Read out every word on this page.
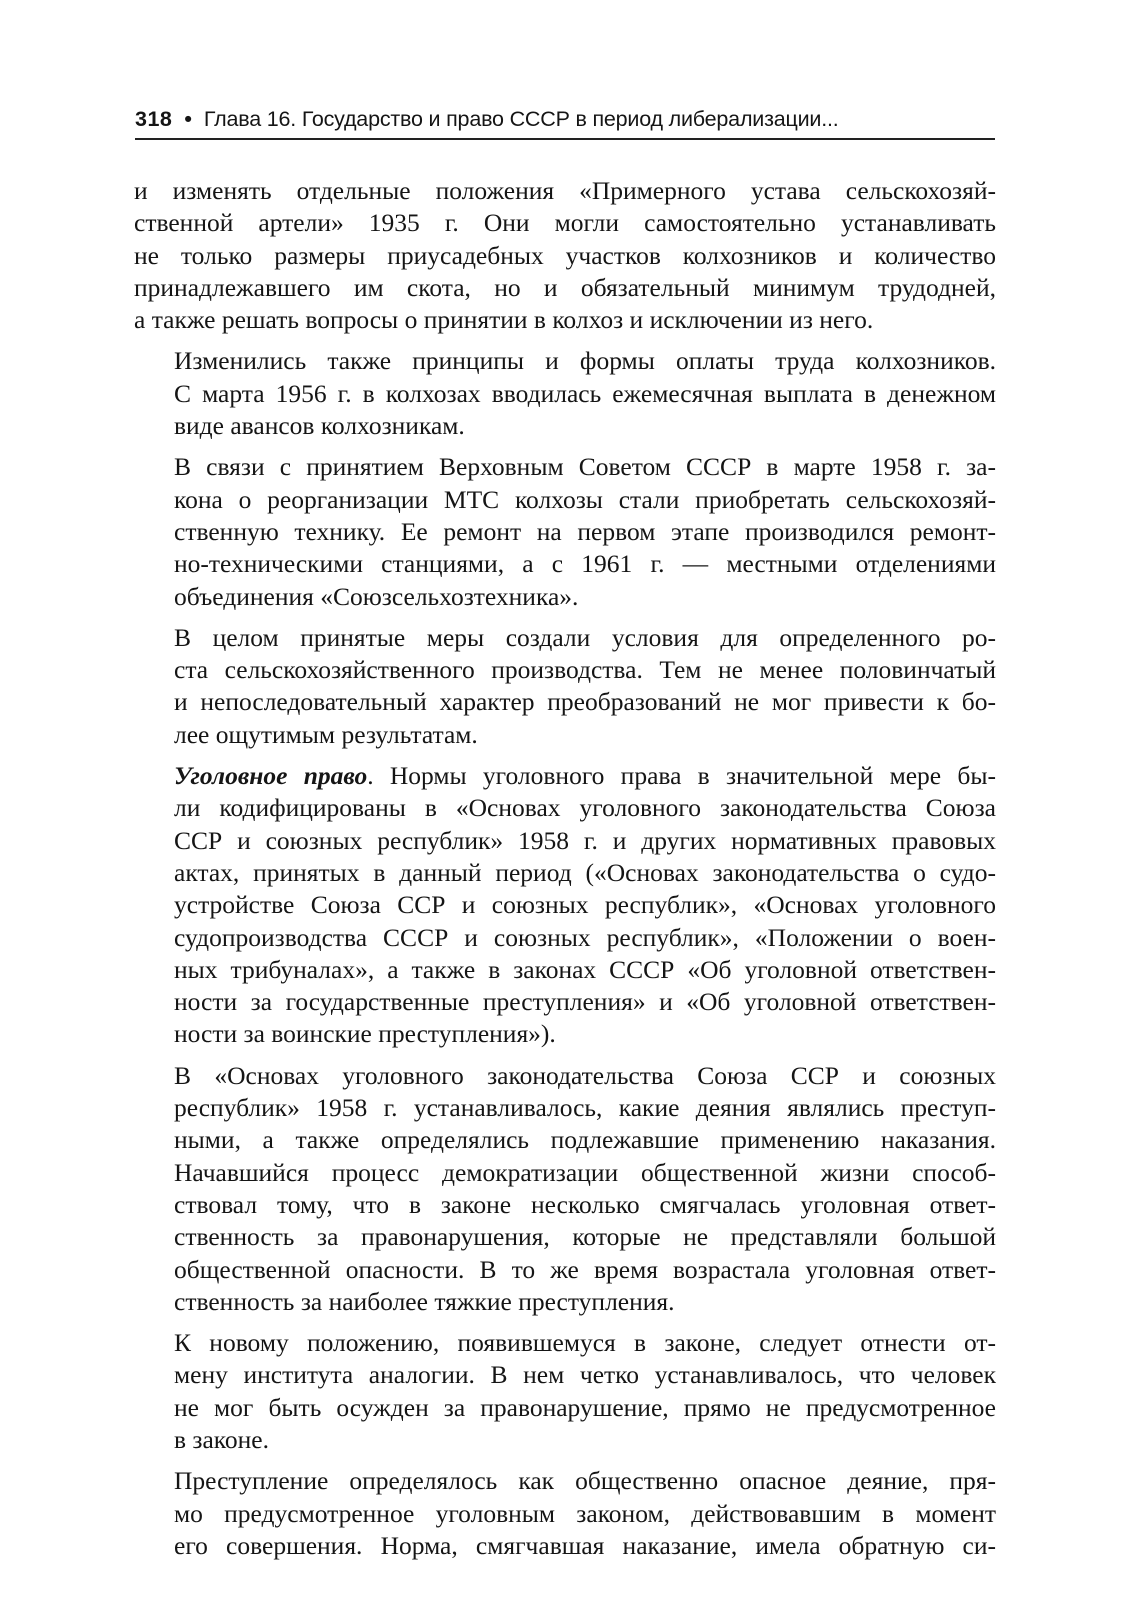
318 • Глава 16. Государство и право СССР в период либерализации...

и изменять отдельные положения «Примерного устава сельскохозяй-
ственной артели» 1935 г. Они могли самостоятельно устанавливать
не только размеры приусадебных участков колхозников и количество
принадлежавшего им скота, но и обязательный минимум трудодней,
а также решать вопросы о принятии в колхоз и исключении из него.

Изменились также принципы и формы оплаты труда колхозников.
С марта 1956 г. в колхозах вводилась ежемесячная выплата в денежном
виде авансов колхозникам.

В связи с принятием Верховным Советом СССР в марте 1958 г. за-
кона о реорганизации МТС колхозы стали приобретать сельскохозяй-
ственную технику. Ее ремонт на первом этапе производился ремонт-
но-техническими станциями, а с 1961 г. — местными отделениями
объединения «Союзсельхозтехника».

В целом принятые меры создали условия для определенного ро-
ста сельскохозяйственного производства. Тем не менее половинчатый
и непоследовательный характер преобразований не мог привести к бо-
лее ощутимым результатам.

Уголовное право. Нормы уголовного права в значительной мере бы-
ли кодифицированы в «Основах уголовного законодательства Союза
ССР и союзных республик» 1958 г. и других нормативных правовых
актах, принятых в данный период («Основах законодательства о судо-
устройстве Союза ССР и союзных республик», «Основах уголовного
судопроизводства СССР и союзных республик», «Положении о воен-
ных трибуналах», а также в законах СССР «Об уголовной ответствен-
ности за государственные преступления» и «Об уголовной ответствен-
ности за воинские преступления»).

В «Основах уголовного законодательства Союза ССР и союзных
республик» 1958 г. устанавливалось, какие деяния являлись преступ-
ными, а также определялись подлежавшие применению наказания.
Начавшийся процесс демократизации общественной жизни способ-
ствовал тому, что в законе несколько смягчалась уголовная ответ-
ственность за правонарушения, которые не представляли большой
общественной опасности. В то же время возрастала уголовная ответ-
ственность за наиболее тяжкие преступления.

К новому положению, появившемуся в законе, следует отнести от-
мену института аналогии. В нем четко устанавливалось, что человек
не мог быть осужден за правонарушение, прямо не предусмотренное
в законе.

Преступление определялось как общественно опасное деяние, пря-
мо предусмотренное уголовным законом, действовавшим в момент
его совершения. Норма, смягчавшая наказание, имела обратную си-
